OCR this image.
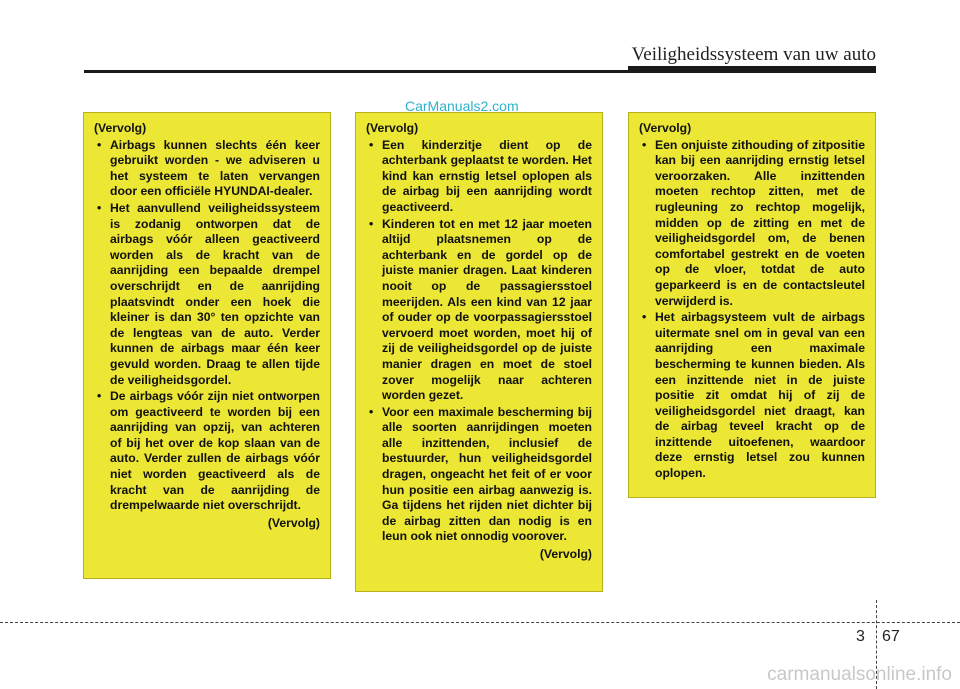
Veiligheidssysteem van uw auto
(Vervolg)
• Airbags kunnen slechts één keer gebruikt worden - we adviseren u het systeem te laten vervangen door een officiële HYUNDAI-dealer.
• Het aanvullend veiligheidssysteem is zodanig ontworpen dat de airbags vóór alleen geactiveerd worden als de kracht van de aanrijding een bepaalde drempel overschrijdt en de aanrijding plaatsvindt onder een hoek die kleiner is dan 30° ten opzichte van de lengteas van de auto. Verder kunnen de airbags maar één keer gevuld worden. Draag te allen tijde de veiligheidsgordel.
• De airbags vóór zijn niet ontworpen om geactiveerd te worden bij een aanrijding van opzij, van achteren of bij het over de kop slaan van de auto. Verder zullen de airbags vóór niet worden geactiveerd als de kracht van de aanrijding de drempelwaarde niet overschrijdt.
(Vervolg)
(Vervolg)
• Een kinderzitje dient op de achterbank geplaatst te worden. Het kind kan ernstig letsel oplopen als de airbag bij een aanrijding wordt geactiveerd.
• Kinderen tot en met 12 jaar moeten altijd plaatsnemen op de achterbank en de gordel op de juiste manier dragen. Laat kinderen nooit op de passagiersstoel meerijden. Als een kind van 12 jaar of ouder op de voorpassagiersstoel vervoerd moet worden, moet hij of zij de veiligheidsgordel op de juiste manier dragen en moet de stoel zover mogelijk naar achteren worden gezet.
• Voor een maximale bescherming bij alle soorten aanrijdingen moeten alle inzittenden, inclusief de bestuurder, hun veiligheidsgordel dragen, ongeacht het feit of er voor hun positie een airbag aanwezig is. Ga tijdens het rijden niet dichter bij de airbag zitten dan nodig is en leun ook niet onnodig voorover.
(Vervolg)
(Vervolg)
• Een onjuiste zithouding of zitpositie kan bij een aanrijding ernstig letsel veroorzaken. Alle inzittenden moeten rechtop zitten, met de rugleuning zo rechtop mogelijk, midden op de zitting en met de veiligheidsgordel om, de benen comfortabel gestrekt en de voeten op de vloer, totdat de auto geparkeerd is en de contactsleutel verwijderd is.
• Het airbagsysteem vult de airbags uitermate snel om in geval van een aanrijding een maximale bescherming te kunnen bieden. Als een inzittende niet in de juiste positie zit omdat hij of zij de veiligheidsgordel niet draagt, kan de airbag teveel kracht op de inzittende uitoefenen, waardoor deze ernstig letsel zou kunnen oplopen.
CarManuals2.com
3 67
carmanualsonline.info
